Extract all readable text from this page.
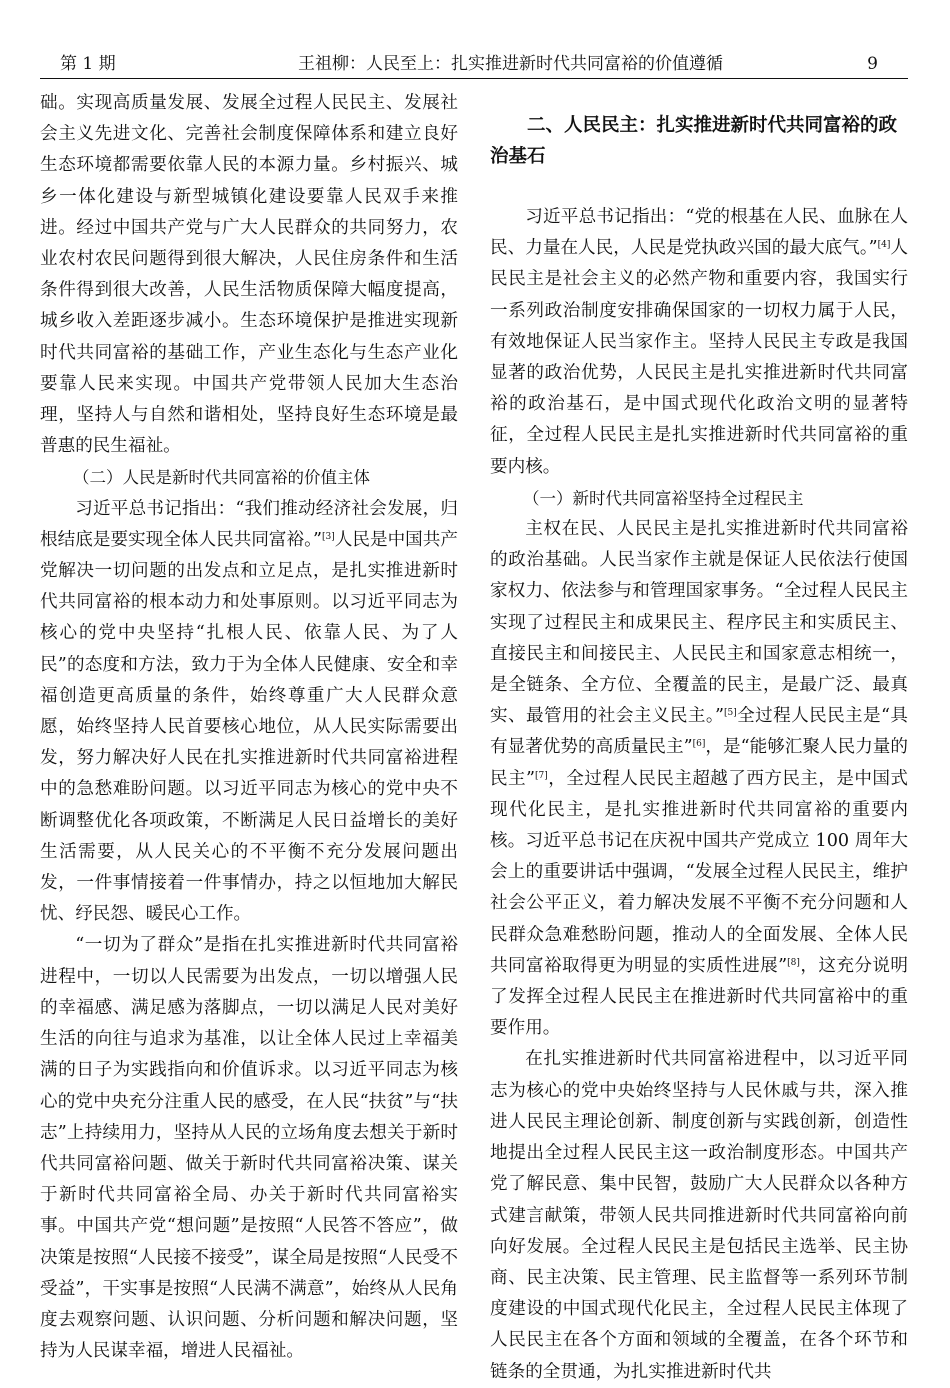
第 1 期	王祖柳：人民至上：扎实推进新时代共同富裕的价值遵循	9

础。实现高质量发展、发展全过程人民民主、发展社会主义先进文化、完善社会制度保障体系和建立良好生态环境都需要依靠人民的本源力量。乡村振兴、城乡一体化建设与新型城镇化建设要靠人民双手来推进。经过中国共产党与广大人民群众的共同努力，农业农村农民问题得到很大解决，人民住房条件和生活条件得到很大改善，人民生活物质保障大幅度提高，城乡收入差距逐步减小。生态环境保护是推进实现新时代共同富裕的基础工作，产业生态化与生态产业化要靠人民来实现。中国共产党带领人民加大生态治理，坚持人与自然和谐相处，坚持良好生态环境是最普惠的民生福祉。

（二）人民是新时代共同富裕的价值主体

习近平总书记指出：“我们推动经济社会发展，归根结底是要实现全体人民共同富裕。”[3]人民是中国共产党解决一切问题的出发点和立足点，是扎实推进新时代共同富裕的根本动力和处事原则。以习近平同志为核心的党中央坚持“扎根人民、依靠人民、为了人民”的态度和方法，致力于为全体人民健康、安全和幸福创造更高质量的条件，始终尊重广大人民群众意愿，始终坚持人民首要核心地位，从人民实际需要出发，努力解决好人民在扎实推进新时代共同富裕进程中的急愁难盼问题。以习近平同志为核心的党中央不断调整优化各项政策，不断满足人民日益增长的美好生活需要，从人民关心的不平衡不充分发展问题出发，一件事情接着一件事情办，持之以恒地加大解民忧、纾民怨、暖民心工作。

“一切为了群众”是指在扎实推进新时代共同富裕进程中，一切以人民需要为出发点，一切以增强人民的幸福感、满足感为落脚点，一切以满足人民对美好生活的向往与追求为基准，以让全体人民过上幸福美满的日子为实践指向和价值诉求。以习近平同志为核心的党中央充分注重人民的感受，在人民“扶贫”与“扶志”上持续用力，坚持从人民的立场角度去想关于新时代共同富裕问题、做关于新时代共同富裕决策、谋关于新时代共同富裕全局、办关于新时代共同富裕实事。中国共产党“想问题”是按照“人民答不答应”，做决策是按照“人民接不接受”，谋全局是按照“人民受不受益”，干实事是按照“人民满不满意”，始终从人民角度去观察问题、认识问题、分析问题和解决问题，坚持为人民谋幸福，增进人民福祉。

二、人民民主：扎实推进新时代共同富裕的政治基石

习近平总书记指出：“党的根基在人民、血脉在人民、力量在人民，人民是党执政兴国的最大底气。”[4]人民民主是社会主义的必然产物和重要内容，我国实行一系列政治制度安排确保国家的一切权力属于人民，有效地保证人民当家作主。坚持人民民主专政是我国显著的政治优势，人民民主是扎实推进新时代共同富裕的政治基石，是中国式现代化政治文明的显著特征，全过程人民民主是扎实推进新时代共同富裕的重要内核。

（一）新时代共同富裕坚持全过程民主

主权在民、人民民主是扎实推进新时代共同富裕的政治基础。人民当家作主就是保证人民依法行使国家权力、依法参与和管理国家事务。“全过程人民民主实现了过程民主和成果民主、程序民主和实质民主、直接民主和间接民主、人民民主和国家意志相统一，是全链条、全方位、全覆盖的民主，是最广泛、最真实、最管用的社会主义民主。”[5]全过程人民民主是“具有显著优势的高质量民主”[6]，是“能够汇聚人民力量的民主”[7]，全过程人民民主超越了西方民主，是中国式现代化民主，是扎实推进新时代共同富裕的重要内核。习近平总书记在庆祝中国共产党成立 100 周年大会上的重要讲话中强调，“发展全过程人民民主，维护社会公平正义，着力解决发展不平衡不充分问题和人民群众急难愁盼问题，推动人的全面发展、全体人民共同富裕取得更为明显的实质性进展”[8]，这充分说明了发挥全过程人民民主在推进新时代共同富裕中的重要作用。

在扎实推进新时代共同富裕进程中，以习近平同志为核心的党中央始终坚持与人民休戚与共，深入推进人民民主理论创新、制度创新与实践创新，创造性地提出全过程人民民主这一政治制度形态。中国共产党了解民意、集中民智，鼓励广大人民群众以各种方式建言献策，带领人民共同推进新时代共同富裕向前向好发展。全过程人民民主是包括民主选举、民主协商、民主决策、民主管理、民主监督等一系列环节制度建设的中国式现代化民主，全过程人民民主体现了人民民主在各个方面和领域的全覆盖，在各个环节和链条的全贯通，为扎实推进新时代共
